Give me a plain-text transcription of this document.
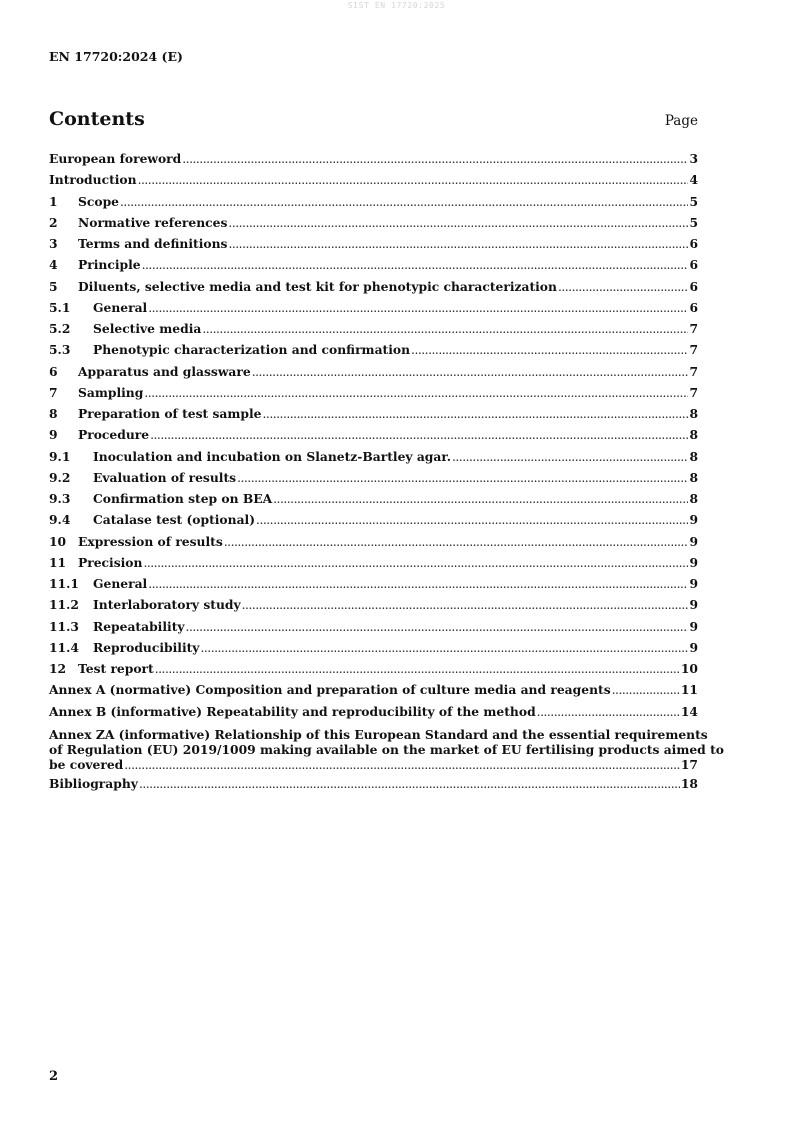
SIST EN 17720:2025
EN 17720:2024 (E)
Contents	Page
European foreword .....	3
Introduction .....	4
1	Scope .....	5
2	Normative references .....	5
3	Terms and definitions .....	6
4	Principle .....	6
5	Diluents, selective media and test kit for phenotypic characterization .....	6
5.1	General .....	6
5.2	Selective media .....	7
5.3	Phenotypic characterization and confirmation .....	7
6	Apparatus and glassware .....	7
7	Sampling .....	7
8	Preparation of test sample .....	8
9	Procedure .....	8
9.1	Inoculation and incubation on Slanetz-Bartley agar. .....	8
9.2	Evaluation of results .....	8
9.3	Confirmation step on BEA .....	8
9.4	Catalase test (optional) .....	9
10 Expression of results .....	9
11 Precision .....	9
11.1	General .....	9
11.2	Interlaboratory study .....	9
11.3	Repeatability .....	9
11.4	Reproducibility .....	9
12 Test report .....	10
Annex A (normative) Composition and preparation of culture media and reagents .....	11
Annex B (informative) Repeatability and reproducibility of the method .....	14
Annex ZA (informative) Relationship of this European Standard and the essential requirements
of Regulation (EU) 2019/1009 making available on the market of EU fertilising products aimed to
be covered .....	17
Bibliography .....	18
2
